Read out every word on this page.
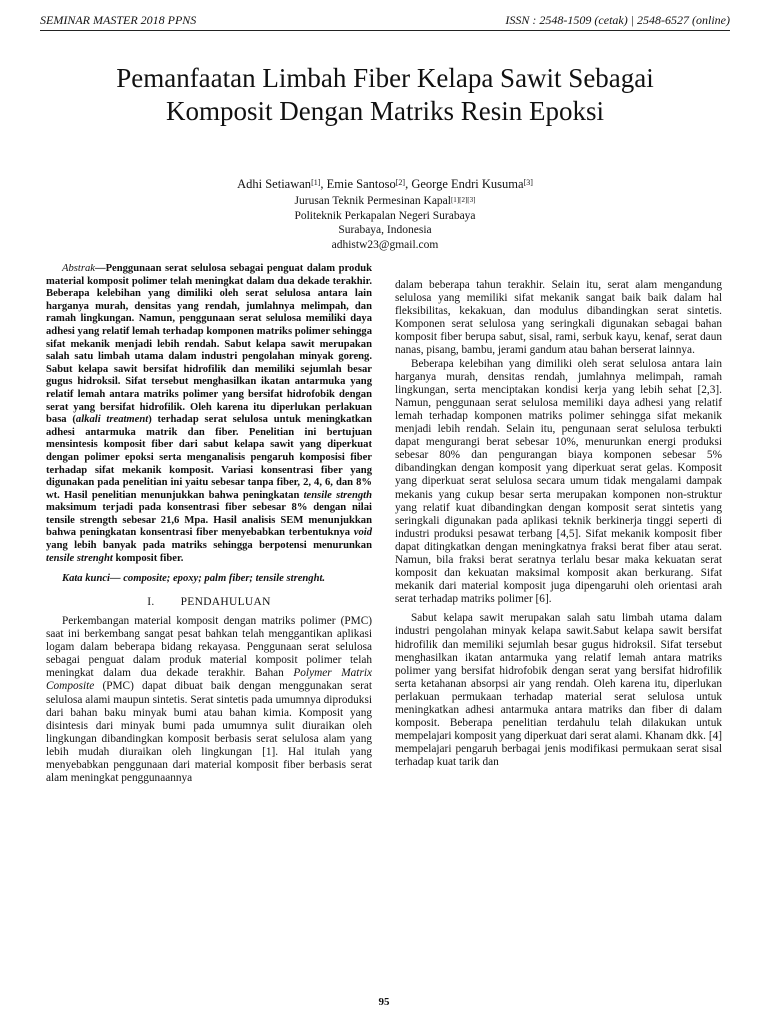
SEMINAR MASTER 2018 PPNS	ISSN : 2548-1509 (cetak) | 2548-6527 (online)
Pemanfaatan Limbah Fiber Kelapa Sawit Sebagai
Komposit Dengan Matriks Resin Epoksi
Adhi Setiawan[1], Emie Santoso[2], George Endri Kusuma[3]
Jurusan Teknik Permesinan Kapal[1][2][3]
Politeknik Perkapalan Negeri Surabaya
Surabaya, Indonesia
adhistw23@gmail.com

Abstrak—Penggunaan serat selulosa sebagai penguat dalam produk material komposit polimer telah meningkat dalam dua dekade terakhir. Beberapa kelebihan yang dimiliki oleh serat selulosa antara lain harganya murah, densitas yang rendah, jumlahnya melimpah, dan ramah lingkungan. Namun, penggunaan serat selulosa memiliki daya adhesi yang relatif lemah terhadap komponen matriks polimer sehingga sifat mekanik menjadi lebih rendah. Sabut kelapa sawit merupakan salah satu limbah utama dalam industri pengolahan minyak goreng. Sabut kelapa sawit bersifat hidrofilik dan memiliki sejumlah besar gugus hidroksil. Sifat tersebut menghasilkan ikatan antarmuka yang relatif lemah antara matriks polimer yang bersifat hidrofobik dengan serat yang bersifat hidrofilik. Oleh karena itu diperlukan perlakuan basa (alkali treatment) terhadap serat selulosa untuk meningkatkan adhesi antarmuka matrik dan fiber. Penelitian ini bertujuan mensintesis komposit fiber dari sabut kelapa sawit yang diperkuat dengan polimer epoksi serta menganalisis pengaruh komposisi fiber terhadap sifat mekanik komposit. Variasi konsentrasi fiber yang digunakan pada penelitian ini yaitu sebesar tanpa fiber, 2, 4, 6, dan 8% wt. Hasil penelitian menunjukkan bahwa peningkatan tensile strength maksimum terjadi pada konsentrasi fiber sebesar 8% dengan nilai tensile strength sebesar 21,6 Mpa. Hasil analisis SEM menunjukkan bahwa peningkatan konsentrasi fiber menyebabkan terbentuknya void yang lebih banyak pada matriks sehingga berpotensi menurunkan tensile strenght komposit fiber.

Kata kunci— composite; epoxy; palm fiber; tensile strenght.

I. PENDAHULUAN

Perkembangan material komposit dengan matriks polimer (PMC) saat ini berkembang sangat pesat bahkan telah menggantikan aplikasi logam dalam beberapa bidang rekayasa. Penggunaan serat selulosa sebagai penguat dalam produk material komposit polimer telah meningkat dalam dua dekade terakhir. Bahan Polymer Matrix Composite (PMC) dapat dibuat baik dengan menggunakan serat selulosa alami maupun sintetis. Serat sintetis pada umumnya diproduksi dari bahan baku minyak bumi atau bahan kimia. Komposit yang disintesis dari minyak bumi pada umumnya sulit diuraikan oleh lingkungan dibandingkan komposit berbasis serat selulosa alam yang lebih mudah diuraikan oleh lingkungan [1]. Hal itulah yang menyebabkan penggunaan dari material komposit fiber berbasis serat alam meningkat penggunaannya

dalam beberapa tahun terakhir. Selain itu, serat alam mengandung selulosa yang memiliki sifat mekanik sangat baik baik dalam hal fleksibilitas, kekakuan, dan modulus dibandingkan serat sintetis. Komponen serat selulosa yang seringkali digunakan sebagai bahan komposit fiber berupa sabut, sisal, rami, serbuk kayu, kenaf, serat daun nanas, pisang, bambu, jerami gandum atau bahan berserat lainnya.

Beberapa kelebihan yang dimiliki oleh serat selulosa antara lain harganya murah, densitas rendah, jumlahnya melimpah, ramah lingkungan, serta menciptakan kondisi kerja yang lebih sehat [2,3]. Namun, penggunaan serat selulosa memiliki daya adhesi yang relatif lemah terhadap komponen matriks polimer sehingga sifat mekanik menjadi lebih rendah. Selain itu, pengunaan serat selulosa terbukti dapat mengurangi berat sebesar 10%, menurunkan energi produksi sebesar 80% dan pengurangan biaya komponen sebesar 5% dibandingkan dengan komposit yang diperkuat serat gelas. Komposit yang diperkuat serat selulosa secara umum tidak mengalami dampak mekanis yang cukup besar serta merupakan komponen non-struktur yang relatif kuat dibandingkan dengan komposit serat sintetis yang seringkali digunakan pada aplikasi teknik berkinerja tinggi seperti di industri produksi pesawat terbang [4,5]. Sifat mekanik komposit fiber dapat ditingkatkan dengan meningkatnya fraksi berat fiber atau serat. Namun, bila fraksi berat seratnya terlalu besar maka kekuatan serat komposit dan kekuatan maksimal komposit akan berkurang. Sifat mekanik dari material komposit juga dipengaruhi oleh orientasi arah serat terhadap matriks polimer [6].

Sabut kelapa sawit merupakan salah satu limbah utama dalam industri pengolahan minyak kelapa sawit.Sabut kelapa sawit bersifat hidrofilik dan memiliki sejumlah besar gugus hidroksil. Sifat tersebut menghasilkan ikatan antarmuka yang relatif lemah antara matriks polimer yang bersifat hidrofobik dengan serat yang bersifat hidrofilik serta ketahanan absorpsi air yang rendah. Oleh karena itu, diperlukan perlakuan permukaan terhadap material serat selulosa untuk meningkatkan adhesi antarmuka antara matriks dan fiber di dalam komposit. Beberapa penelitian terdahulu telah dilakukan untuk mempelajari komposit yang diperkuat dari serat alami. Khanam dkk. [4] mempelajari pengaruh berbagai jenis modifikasi permukaan serat sisal terhadap kuat tarik dan

95
